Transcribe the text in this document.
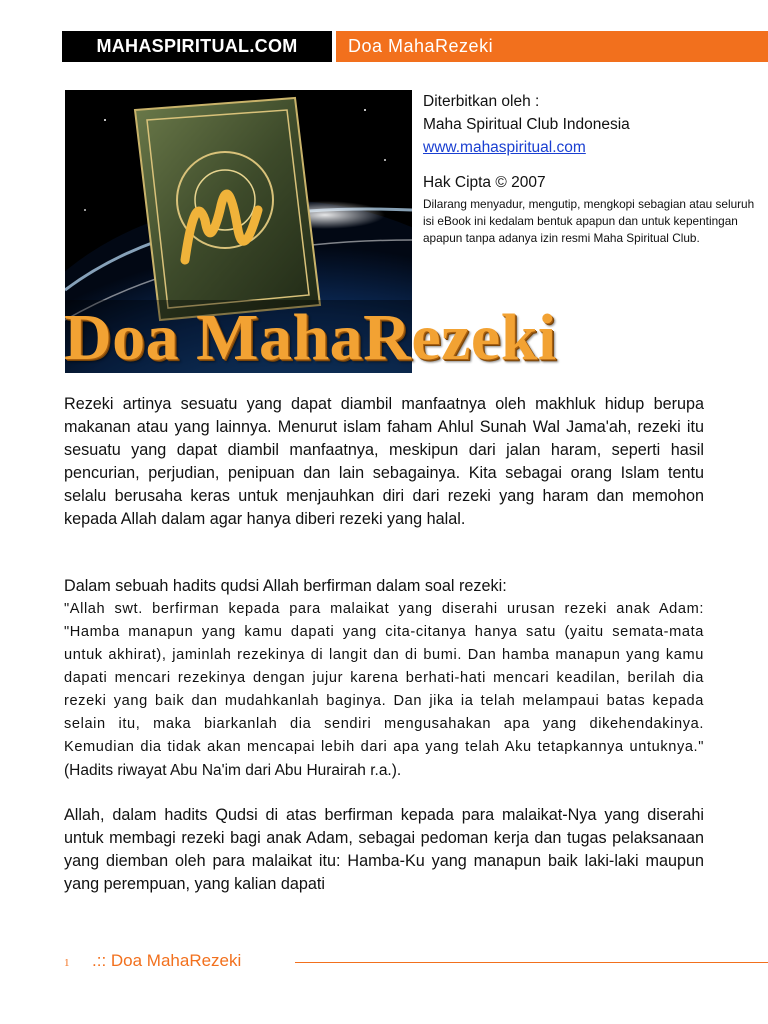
MAHASPIRITUAL.COM	Doa MahaRezeki
Diterbitkan oleh :
Maha Spiritual Club Indonesia
www.mahaspiritual.com
Hak Cipta © 2007
Dilarang menyadur, mengutip, mengkopi sebagian atau seluruh isi eBook ini kedalam bentuk apapun dan untuk kepentingan apapun tanpa adanya izin resmi Maha Spiritual Club.
Doa MahaRezeki
Rezeki artinya sesuatu yang dapat diambil manfaatnya oleh makhluk hidup berupa makanan atau yang lainnya. Menurut islam faham Ahlul Sunah Wal Jama'ah, rezeki itu sesuatu yang dapat diambil manfaatnya, meskipun dari jalan haram, seperti hasil pencurian, perjudian, penipuan dan lain sebagainya. Kita sebagai orang Islam tentu selalu berusaha keras untuk menjauhkan diri dari rezeki yang haram dan memohon kepada Allah dalam agar hanya diberi rezeki yang halal.
Dalam sebuah hadits qudsi Allah berfirman dalam soal rezeki:
"Allah swt. berfirman kepada para malaikat yang diserahi urusan rezeki anak Adam: "Hamba manapun yang kamu dapati yang cita-citanya hanya satu (yaitu semata-mata untuk akhirat), jaminlah rezekinya di langit dan di bumi. Dan hamba manapun yang kamu dapati mencari rezekinya dengan jujur karena berhati-hati mencari keadilan, berilah dia rezeki yang baik dan mudahkanlah baginya. Dan jika ia telah melampaui batas kepada selain itu, maka biarkanlah dia sendiri mengusahakan apa yang dikehendakinya. Kemudian dia tidak akan mencapai lebih dari apa yang telah Aku tetapkannya untuknya." (Hadits riwayat Abu Na'im dari Abu Hurairah r.a.).
Allah, dalam hadits Qudsi di atas berfirman kepada para malaikat-Nya yang diserahi untuk membagi rezeki bagi anak Adam, sebagai pedoman kerja dan tugas pelaksanaan yang diemban oleh para malaikat itu: Hamba-Ku yang manapun baik laki-laki maupun yang perempuan, yang kalian dapati
1 .:: Doa MahaRezeki
